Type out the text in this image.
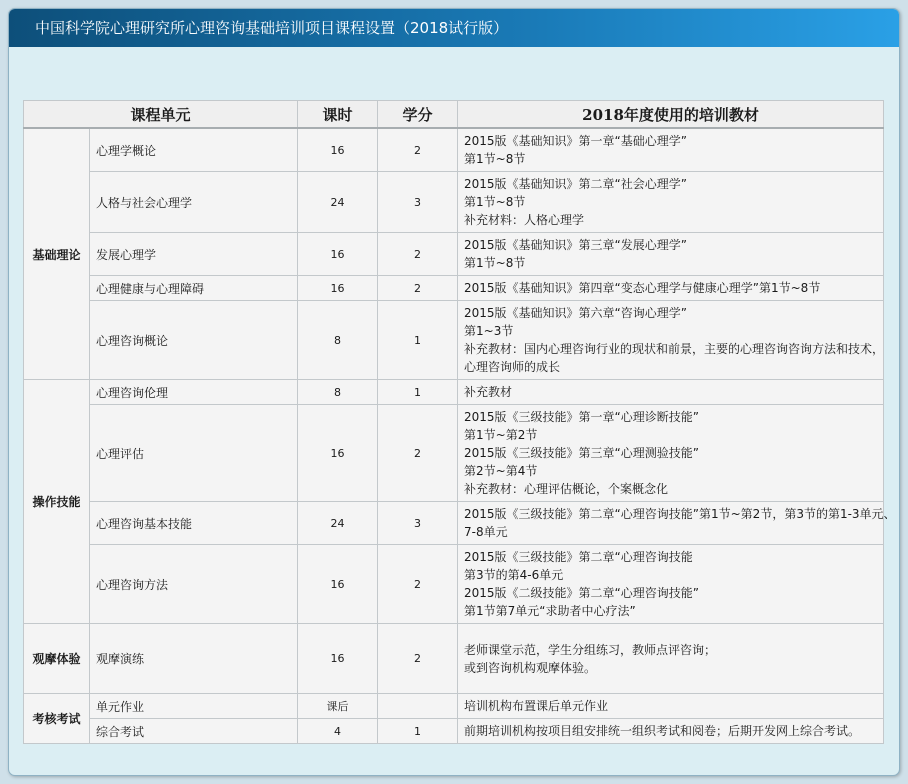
中国科学院心理研究所心理咨询基础培训项目课程设置（2018试行版）
课程单元		课时	学分	2018年度使用的培训教材
基础理论	心理学概论	16	2	2015版《基础知识》第一章“基础心理学”
第1节~8节

	人格与社会心理学	24	3	2015版《基础知识》第二章“社会心理学”
第1节~8节
补充材料：人格心理学

	发展心理学	16	2	2015版《基础知识》第三章“发展心理学”
第1节~8节

	心理健康与心理障碍	16	2	2015版《基础知识》第四章“变态心理学与健康心理学”第1节~8节

	心理咨询概论	8	1	2015版《基础知识》第六章“咨询心理学”
第1~3节
补充教材：国内心理咨询行业的现状和前景，主要的心理咨询咨询方法和技术，
心理咨询师的成长

操作技能	心理咨询伦理	8	1	补充教材

	心理评估	16	2	2015版《三级技能》第一章“心理诊断技能”
第1节~第2节
2015版《三级技能》第三章“心理测验技能”
第2节~第4节
补充教材：心理评估概论，个案概念化

	心理咨询基本技能	24	3	2015版《三级技能》第二章“心理咨询技能”第1节~第2节，第3节的第1-3单元、
7-8单元

	心理咨询方法	16	2	2015版《三级技能》第二章“心理咨询技能
第3节的第4-6单元
2015版《二级技能》第二章“心理咨询技能”
第1节第7单元“求助者中心疗法”

观摩体验	观摩演练	16	2	老师课堂示范，学生分组练习，教师点评咨询；
或到咨询机构观摩体验。

考核考试	单元作业	课后		培训机构布置课后单元作业

	综合考试	4	1	前期培训机构按项目组安排统一组织考试和阅卷；后期开发网上综合考试。
